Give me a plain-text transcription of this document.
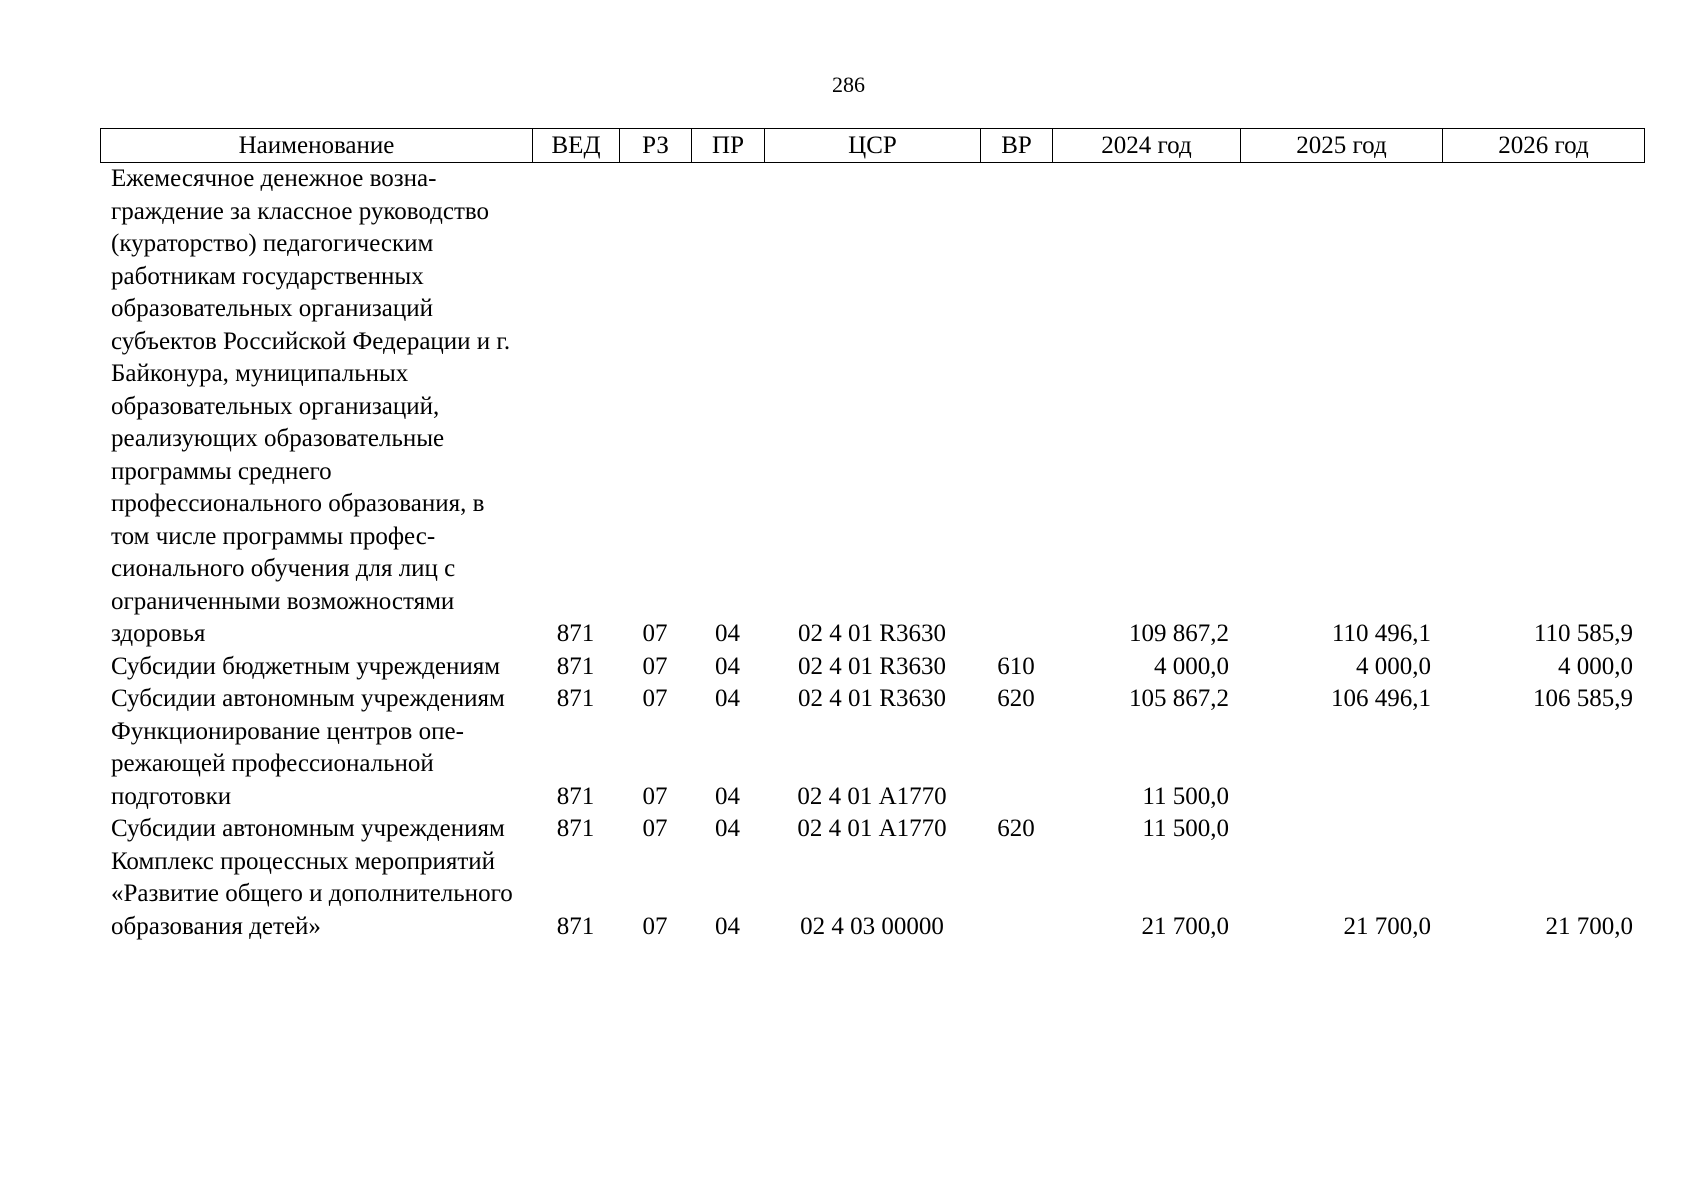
286
Наименование	ВЕД	РЗ	ПР	ЦСР	ВР	2024 год	2025 год	2026 год
Ежемесячное денежное вознаграждение за классное руководство (кураторство) педагогическим работникам государственных образовательных организаций субъектов Российской Федерации и г. Байконура, муниципальных образовательных организаций, реализующих образовательные программы среднего профессионального образования, в том числе программы профессионального обучения для лиц с ограниченными возможностями здоровья	871	07	04	02 4 01 R3630		109 867,2	110 496,1	110 585,9
Субсидии бюджетным учреждениям	871	07	04	02 4 01 R3630	610	4 000,0	4 000,0	4 000,0
Субсидии автономным учреждениям	871	07	04	02 4 01 R3630	620	105 867,2	106 496,1	106 585,9
Функционирование центров опережающей профессиональной подготовки	871	07	04	02 4 01 А1770		11 500,0		
Субсидии автономным учреждениям	871	07	04	02 4 01 А1770	620	11 500,0		
Комплекс процессных мероприятий «Развитие общего и дополнительного образования детей»	871	07	04	02 4 03 00000		21 700,0	21 700,0	21 700,0
